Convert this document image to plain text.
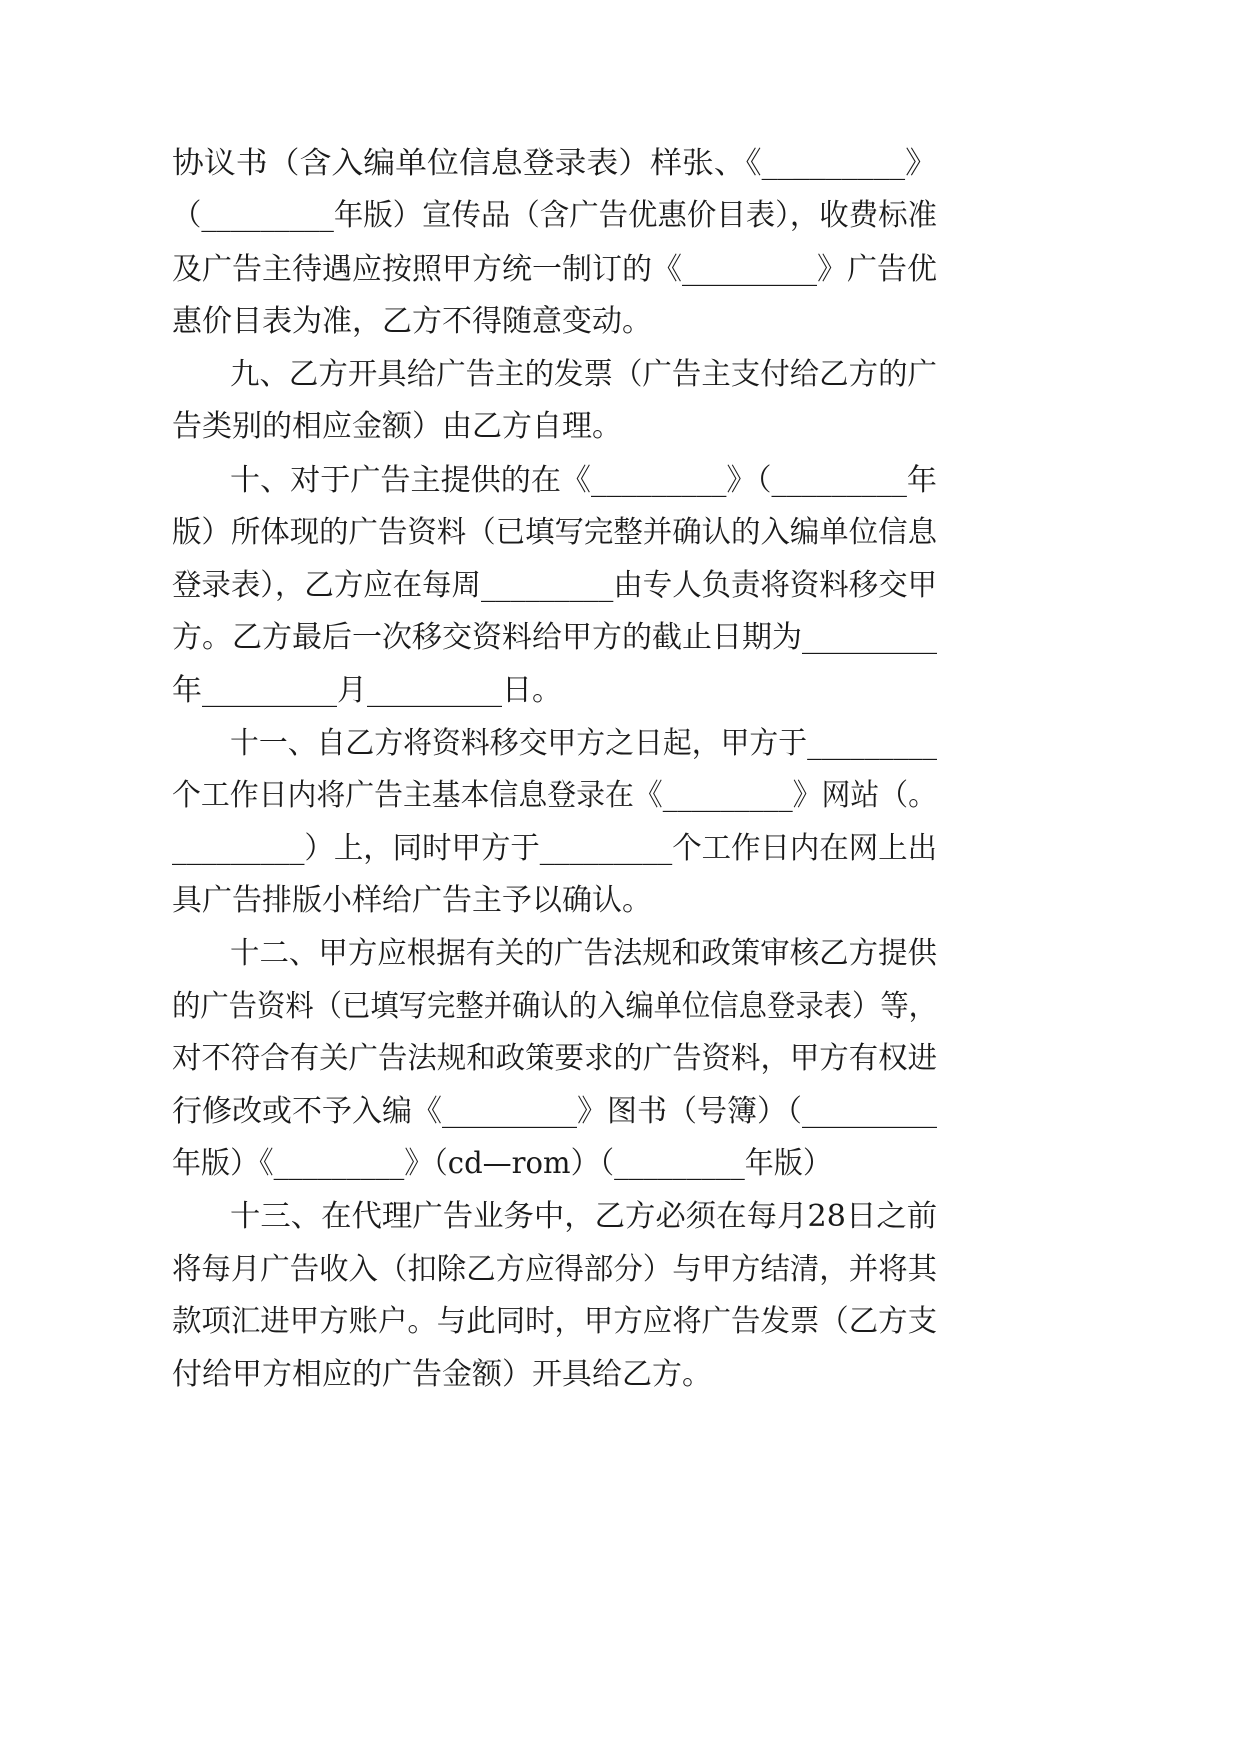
协议书（含入编单位信息登录表）样张、《_________》
（_________年版）宣传品（含广告优惠价目表），收费标准
及广告主待遇应按照甲方统一制订的《_________》广告优
惠价目表为准，乙方不得随意变动。
九、乙方开具给广告主的发票（广告主支付给乙方的广
告类别的相应金额）由乙方自理。
十、对于广告主提供的在《_________》（_________年
版）所体现的广告资料（已填写完整并确认的入编单位信息
登录表），乙方应在每周_________由专人负责将资料移交甲
方。乙方最后一次移交资料给甲方的截止日期为_________
年_________月_________日。
十一、自乙方将资料移交甲方之日起，甲方于_________
个工作日内将广告主基本信息登录在《_________》网站（。
_________）上，同时甲方于_________个工作日内在网上出
具广告排版小样给广告主予以确认。
十二、甲方应根据有关的广告法规和政策审核乙方提供
的广告资料（已填写完整并确认的入编单位信息登录表）等，
对不符合有关广告法规和政策要求的广告资料，甲方有权进
行修改或不予入编《_________》图书（号簿）（_________
年版）《_________》（cd—rom）（_________年版）
十三、在代理广告业务中，乙方必须在每月28日之前
将每月广告收入（扣除乙方应得部分）与甲方结清，并将其
款项汇进甲方账户。与此同时，甲方应将广告发票（乙方支
付给甲方相应的广告金额）开具给乙方。
